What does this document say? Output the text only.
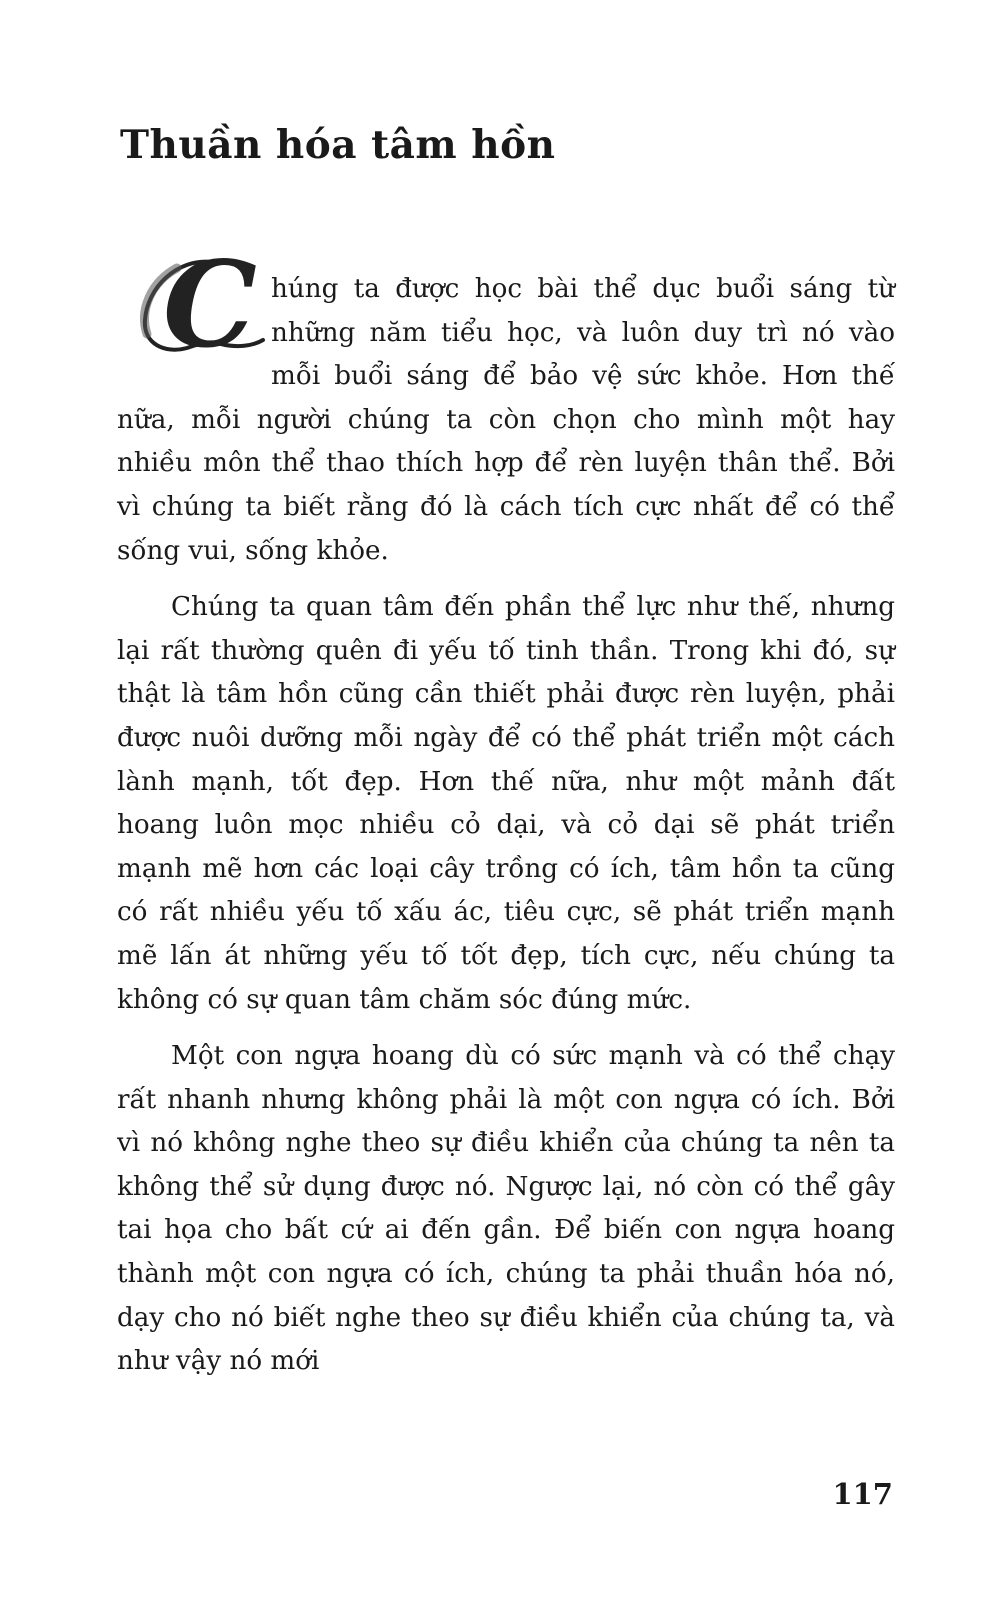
Thuần hóa tâm hồn

C húng ta được học bài thể dục buổi sáng từ những năm tiểu học, và luôn duy trì nó vào mỗi buổi sáng để bảo vệ sức khỏe. Hơn thế nữa, mỗi người chúng ta còn chọn cho mình một hay nhiều môn thể thao thích hợp để rèn luyện thân thể. Bởi vì chúng ta biết rằng đó là cách tích cực nhất để có thể sống vui, sống khỏe.

Chúng ta quan tâm đến phần thể lực như thế, nhưng lại rất thường quên đi yếu tố tinh thần. Trong khi đó, sự thật là tâm hồn cũng cần thiết phải được rèn luyện, phải được nuôi dưỡng mỗi ngày để có thể phát triển một cách lành mạnh, tốt đẹp. Hơn thế nữa, như một mảnh đất hoang luôn mọc nhiều cỏ dại, và cỏ dại sẽ phát triển mạnh mẽ hơn các loại cây trồng có ích, tâm hồn ta cũng có rất nhiều yếu tố xấu ác, tiêu cực, sẽ phát triển mạnh mẽ lấn át những yếu tố tốt đẹp, tích cực, nếu chúng ta không có sự quan tâm chăm sóc đúng mức.

Một con ngựa hoang dù có sức mạnh và có thể chạy rất nhanh nhưng không phải là một con ngựa có ích. Bởi vì nó không nghe theo sự điều khiển của chúng ta nên ta không thể sử dụng được nó. Ngược lại, nó còn có thể gây tai họa cho bất cứ ai đến gần. Để biến con ngựa hoang thành một con ngựa có ích, chúng ta phải thuần hóa nó, dạy cho nó biết nghe theo sự điều khiển của chúng ta, và như vậy nó mới

117
